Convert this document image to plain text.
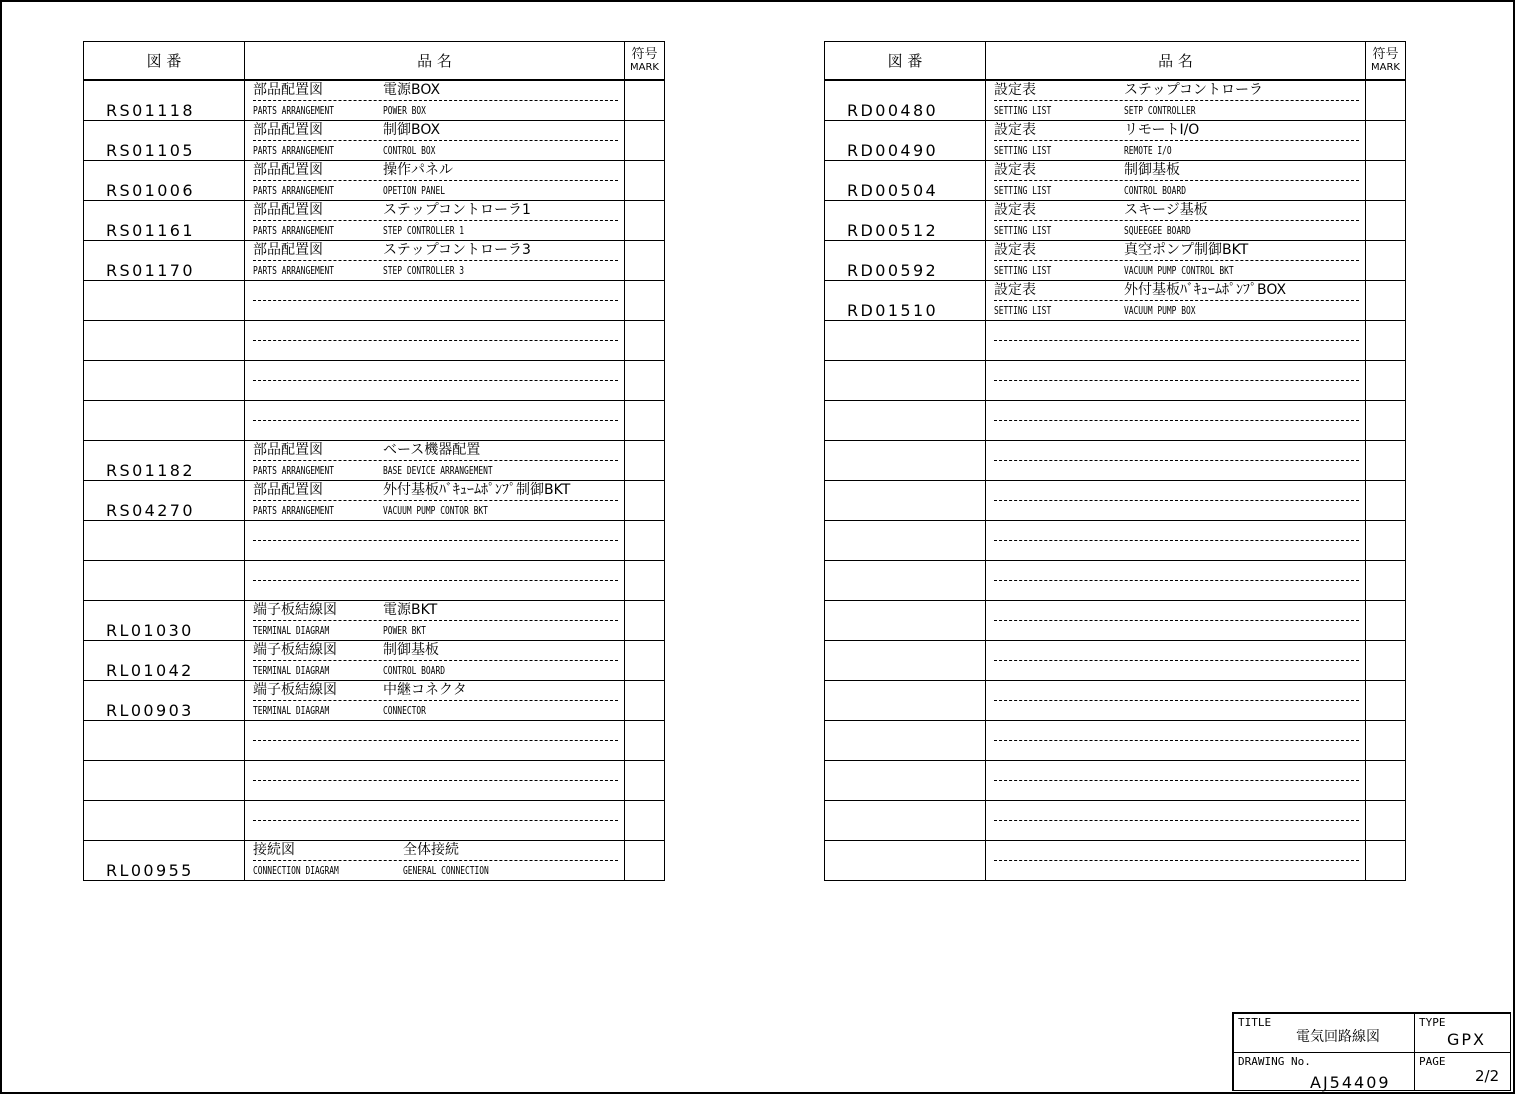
図 番	品 名	符号
MARK

RS01118	部品配置図 電源BOX
PARTS ARRANGEMENT POWER BOX	

RS01105	部品配置図 制御BOX
PARTS ARRANGEMENT CONTROL BOX	

RS01006	部品配置図 操作パネル
PARTS ARRANGEMENT OPETION PANEL	

RS01161	部品配置図 ステップコントローラ1
PARTS ARRANGEMENT STEP CONTROLLER 1	

RS01170	部品配置図 ステップコントローラ3
PARTS ARRANGEMENT STEP CONTROLLER 3	

RS01182	部品配置図 ベース機器配置
PARTS ARRANGEMENT BASE DEVICE ARRANGEMENT	

RS04270	部品配置図 外付基板ﾊﾞｷｭｰﾑﾎﾟﾝﾌﾟ制御BKT
PARTS ARRANGEMENT VACUUM PUMP CONTOR BKT	

RL01030	端子板結線図 電源BKT
TERMINAL DIAGRAM POWER BKT	

RL01042	端子板結線図 制御基板
TERMINAL DIAGRAM CONTROL BOARD	

RL00903	端子板結線図 中継コネクタ
TERMINAL DIAGRAM CONNECTOR	

RL00955	接続図 全体接続
CONNECTION DIAGRAM GENERAL CONNECTION	

図 番	品 名	符号
MARK

RD00480	設定表 ステップコントローラ
SETTING LIST SETP CONTROLLER	

RD00490	設定表 リモートI/O
SETTING LIST REMOTE I/O	

RD00504	設定表 制御基板
SETTING LIST CONTROL BOARD	

RD00512	設定表 スキージ基板
SETTING LIST SQUEEGEE BOARD	

RD00592	設定表 真空ポンプ制御BKT
SETTING LIST VACUUM PUMP CONTROL BKT	

RD01510	設定表 外付基板ﾊﾞｷｭｰﾑﾎﾟﾝﾌﾟBOX
SETTING LIST VACUUM PUMP BOX	

TITLE
電気回路線図
TYPE
GPX
DRAWING No.
AJ54409
PAGE
2/2
